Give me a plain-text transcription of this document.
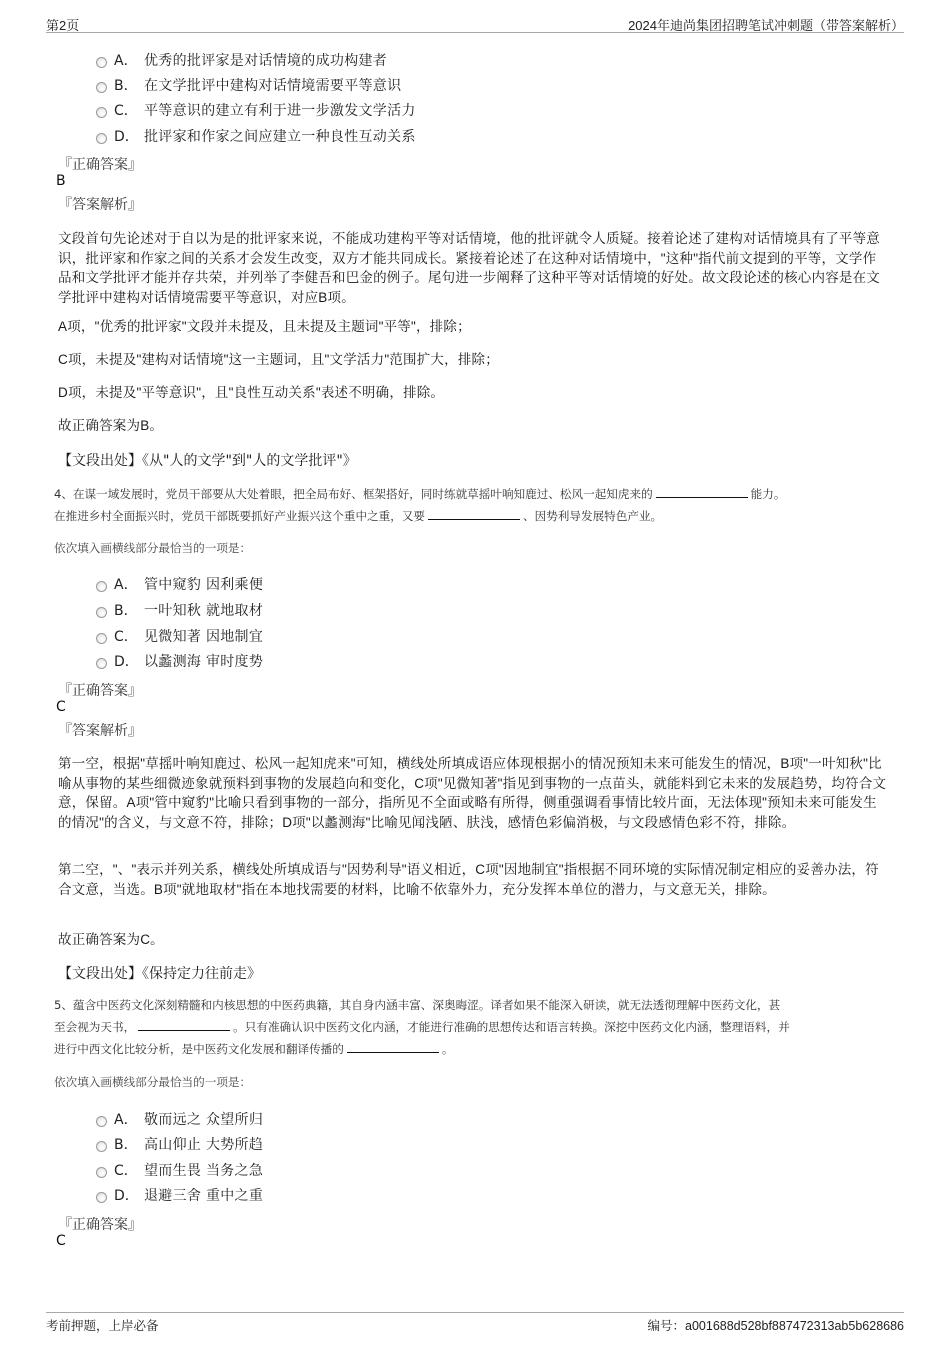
第2页	2024年迪尚集团招聘笔试冲刺题（带答案解析）
A． 优秀的批评家是对话情境的成功构建者
B． 在文学批评中建构对话情境需要平等意识
C． 平等意识的建立有利于进一步激发文学活力
D． 批评家和作家之间应建立一种良性互动关系
『正确答案』
B
『答案解析』
文段首句先论述对于自以为是的批评家来说，不能成功建构平等对话情境，他的批评就令人质疑。接着论述了建构对话情境具有了平等意识，批评家和作家之间的关系才会发生改变，双方才能共同成长。紧接着论述了在这种对话情境中，"这种"指代前文提到的平等，文学作品和文学批评才能并存共荣，并列举了李健吾和巴金的例子。尾句进一步阐释了这种平等对话情境的好处。故文段论述的核心内容是在文学批评中建构对话情境需要平等意识，对应B项。
A项，"优秀的批评家"文段并未提及，且未提及主题词"平等"，排除；
C项，未提及"建构对话情境"这一主题词，且"文学活力"范围扩大，排除；
D项，未提及"平等意识"，且"良性互动关系"表述不明确，排除。
故正确答案为B。
【文段出处】《从"人的文学"到"人的文学批评"》
4、在谋一域发展时，党员干部要从大处着眼，把全局布好、框架搭好，同时练就草摇叶响知鹿过、松风一起知虎来的	能力。
在推进乡村全面振兴时，党员干部既要抓好产业振兴这个重中之重，又要	、因势利导发展特色产业。
依次填入画横线部分最恰当的一项是：
A． 管中窥豹 因利乘便
B． 一叶知秋 就地取材
C． 见微知著 因地制宜
D． 以蠡测海 审时度势
『正确答案』
C
『答案解析』
第一空，根据"草摇叶响知鹿过、松风一起知虎来"可知，横线处所填成语应体现根据小的情况预知未来可能发生的情况，B项"一叶知秋"比喻从事物的某些细微迹象就预料到事物的发展趋向和变化，C项"见微知著"指见到事物的一点苗头，就能料到它未来的发展趋势，均符合文意，保留。A项"管中窥豹"比喻只看到事物的一部分，指所见不全面或略有所得，侧重强调看事情比较片面，无法体现"预知未来可能发生的情况"的含义，与文意不符，排除；D项"以蠡测海"比喻见闻浅陋、肤浅，感情色彩偏消极，与文段感情色彩不符，排除。
第二空，"、"表示并列关系，横线处所填成语与"因势利导"语义相近，C项"因地制宜"指根据不同环境的实际情况制定相应的妥善办法，符合文意，当选。B项"就地取材"指在本地找需要的材料，比喻不依靠外力，充分发挥本单位的潜力，与文意无关，排除。
故正确答案为C。
【文段出处】《保持定力往前走》
5、蕴含中医药文化深刻精髓和内核思想的中医药典籍，其自身内涵丰富、深奥晦涩。译者如果不能深入研读，就无法透彻理解中医药文化，甚
至会视为天书，	。只有准确认识中医药文化内涵，才能进行准确的思想传达和语言转换。深挖中医药文化内涵，整理语料，并
进行中西文化比较分析，是中医药文化发展和翻译传播的	。
依次填入画横线部分最恰当的一项是：
A． 敬而远之 众望所归
B． 高山仰止 大势所趋
C． 望而生畏 当务之急
D． 退避三舍 重中之重
『正确答案』
C
考前押题，上岸必备	编号：a001688d528bf887472313ab5b628686
